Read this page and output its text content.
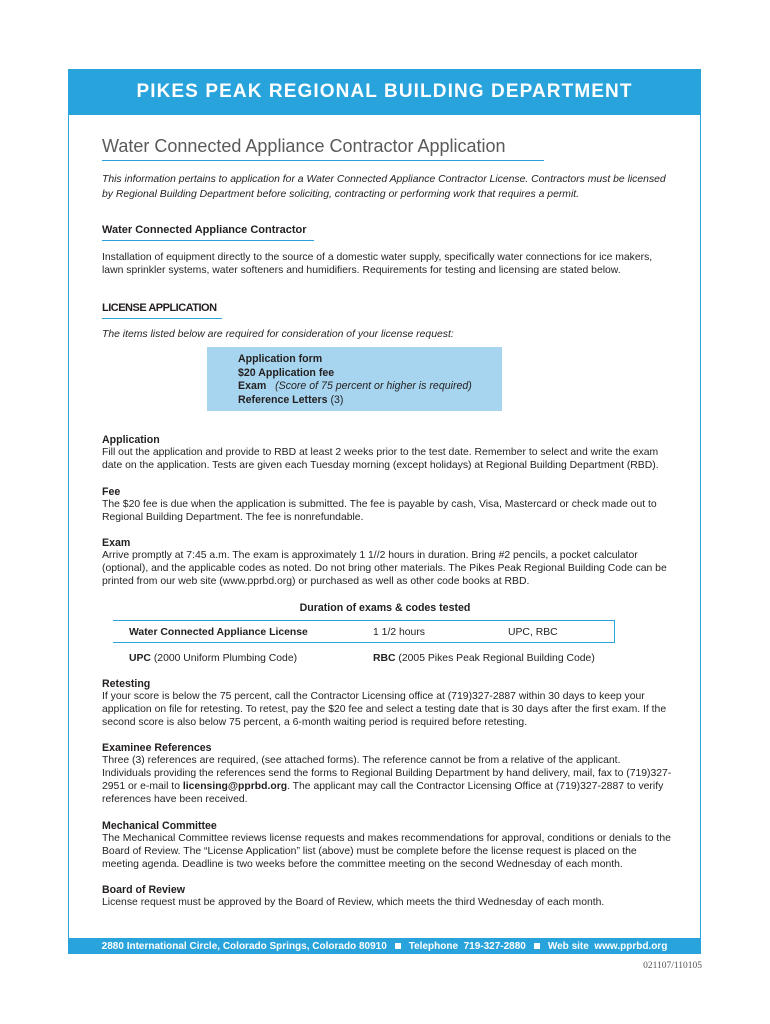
PIKES PEAK REGIONAL BUILDING DEPARTMENT
Water Connected Appliance Contractor Application
This information pertains to application for a Water Connected Appliance Contractor License. Contractors must be licensed by Regional Building Department before soliciting, contracting or performing work that requires a permit.
Water Connected Appliance Contractor
Installation of equipment directly to the source of a domestic water supply, specifically water connections for ice makers, lawn sprinkler systems, water softeners and humidifiers. Requirements for testing and licensing are stated below.
LICENSE APPLICATION
The items listed below are required for consideration of your license request:
Application form
$20 Application fee
Exam (Score of 75 percent or higher is required)
Reference Letters (3)
Application
Fill out the application and provide to RBD at least 2 weeks prior to the test date. Remember to select and write the exam date on the application. Tests are given each Tuesday morning (except holidays) at Regional Building Department (RBD).
Fee
The $20 fee is due when the application is submitted. The fee is payable by cash, Visa, Mastercard or check made out to Regional Building Department. The fee is nonrefundable.
Exam
Arrive promptly at 7:45 a.m. The exam is approximately 1 1//2 hours in duration. Bring #2 pencils, a pocket calculator (optional), and the applicable codes as noted. Do not bring other materials. The Pikes Peak Regional Building Code can be printed from our web site (www.pprbd.org) or purchased as well as other code books at RBD.
Duration of exams & codes tested
Water Connected Appliance License	1 1/2 hours	UPC, RBC
UPC (2000 Uniform Plumbing Code)	RBC (2005 Pikes Peak Regional Building Code)
Retesting
If your score is below the 75 percent, call the Contractor Licensing office at (719)327-2887 within 30 days to keep your application on file for retesting. To retest, pay the $20 fee and select a testing date that is 30 days after the first exam. If the second score is also below 75 percent, a 6-month waiting period is required before retesting.
Examinee References
Three (3) references are required, (see attached forms). The reference cannot be from a relative of the applicant. Individuals providing the references send the forms to Regional Building Department by hand delivery, mail, fax to (719)327-2951 or e-mail to licensing@pprbd.org. The applicant may call the Contractor Licensing Office at (719)327-2887 to verify references have been received.
Mechanical Committee
The Mechanical Committee reviews license requests and makes recommendations for approval, conditions or denials to the Board of Review. The “License Application” list (above) must be complete before the license request is placed on the meeting agenda. Deadline is two weeks before the committee meeting on the second Wednesday of each month.
Board of Review
License request must be approved by the Board of Review, which meets the third Wednesday of each month.
2880 International Circle, Colorado Springs, Colorado 80910 Telephone  719-327-2880 Web site  www.pprbd.org
021107/110105
